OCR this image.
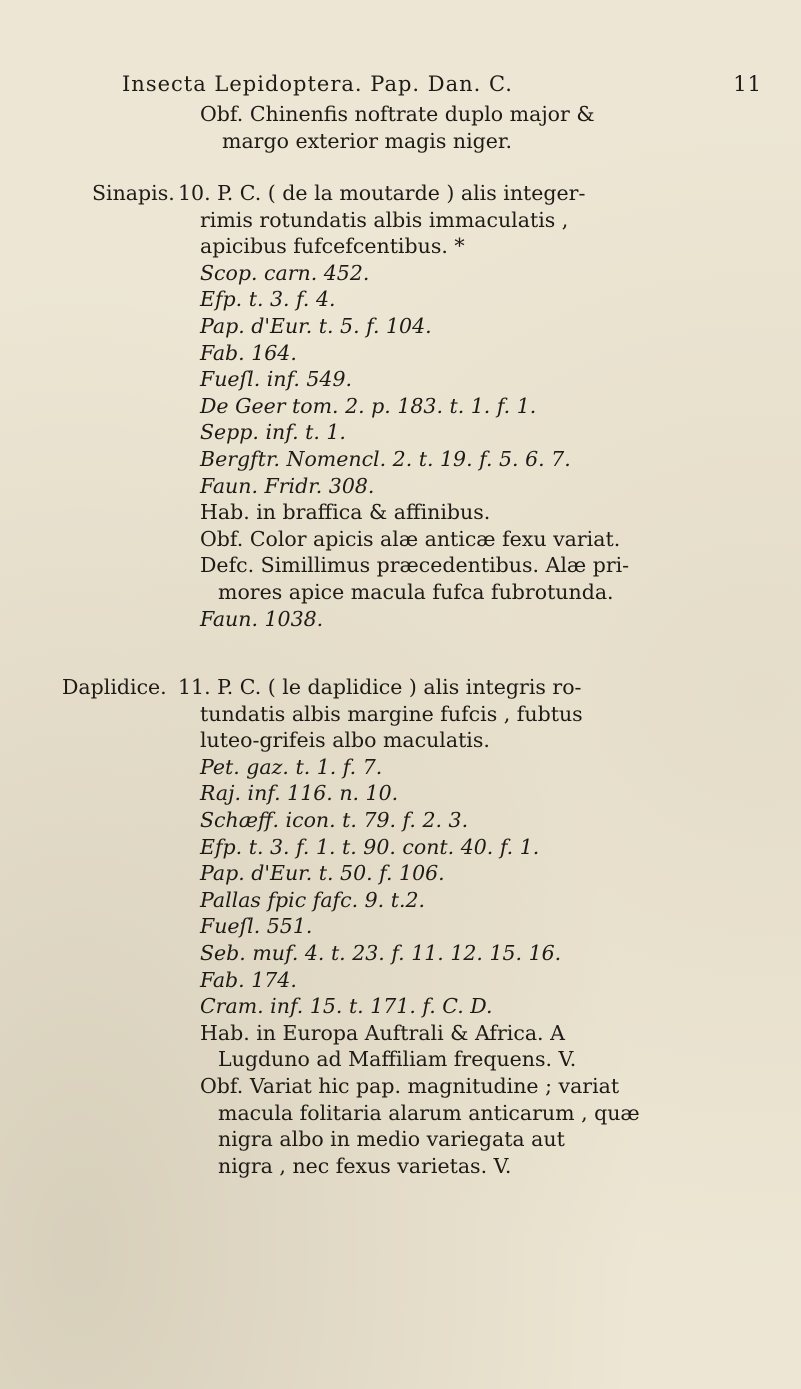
Insecta Lepidoptera. Pap. Dan. C.	11
Obf. Chinenfis noftrate duplo major &
margo exterior magis niger.
Sinapis. 10. P. C. ( de la moutarde ) alis integer-
rimis rotundatis albis immaculatis ,
apicibus fufcefcentibus. *
Scop. carn. 452.
Efp. t. 3. f. 4.
Pap. d'Eur. t. 5. f. 104.
Fab. 164.
Fueſl. inf. 549.
De Geer tom. 2. p. 183. t. 1. f. 1.
Sepp. inf. t. 1.
Bergftr. Nomencl. 2. t. 19. f. 5. 6. 7.
Faun. Fridr. 308.
Hab. in braffica & affinibus.
Obf. Color apicis alæ anticæ fexu variat.
Defc. Simillimus præcedentibus. Alæ pri-
mores apice macula fufca fubrotunda.
Faun. 1038.
Daplidice. 11. P. C. ( le daplidice ) alis integris ro-
tundatis albis margine fufcis , fubtus
luteo-grifeis albo maculatis.
Pet. gaz. t. 1. f. 7.
Raj. inf. 116. n. 10.
Schæff. icon. t. 79. f. 2. 3.
Efp. t. 3. f. 1. t. 90. cont. 40. f. 1.
Pap. d'Eur. t. 50. f. 106.
Pallas fpic fafc. 9. t.2.
Fueſl. 551.
Seb. muf. 4. t. 23. f. 11. 12. 15. 16.
Fab. 174.
Cram. inf. 15. t. 171. f. C. D.
Hab. in Europa Auftrali & Africa. A
Lugduno ad Maffiliam frequens. V.
Obf. Variat hic pap. magnitudine ; variat
macula folitaria alarum anticarum , quæ
nigra albo in medio variegata aut
nigra , nec fexus varietas. V.
